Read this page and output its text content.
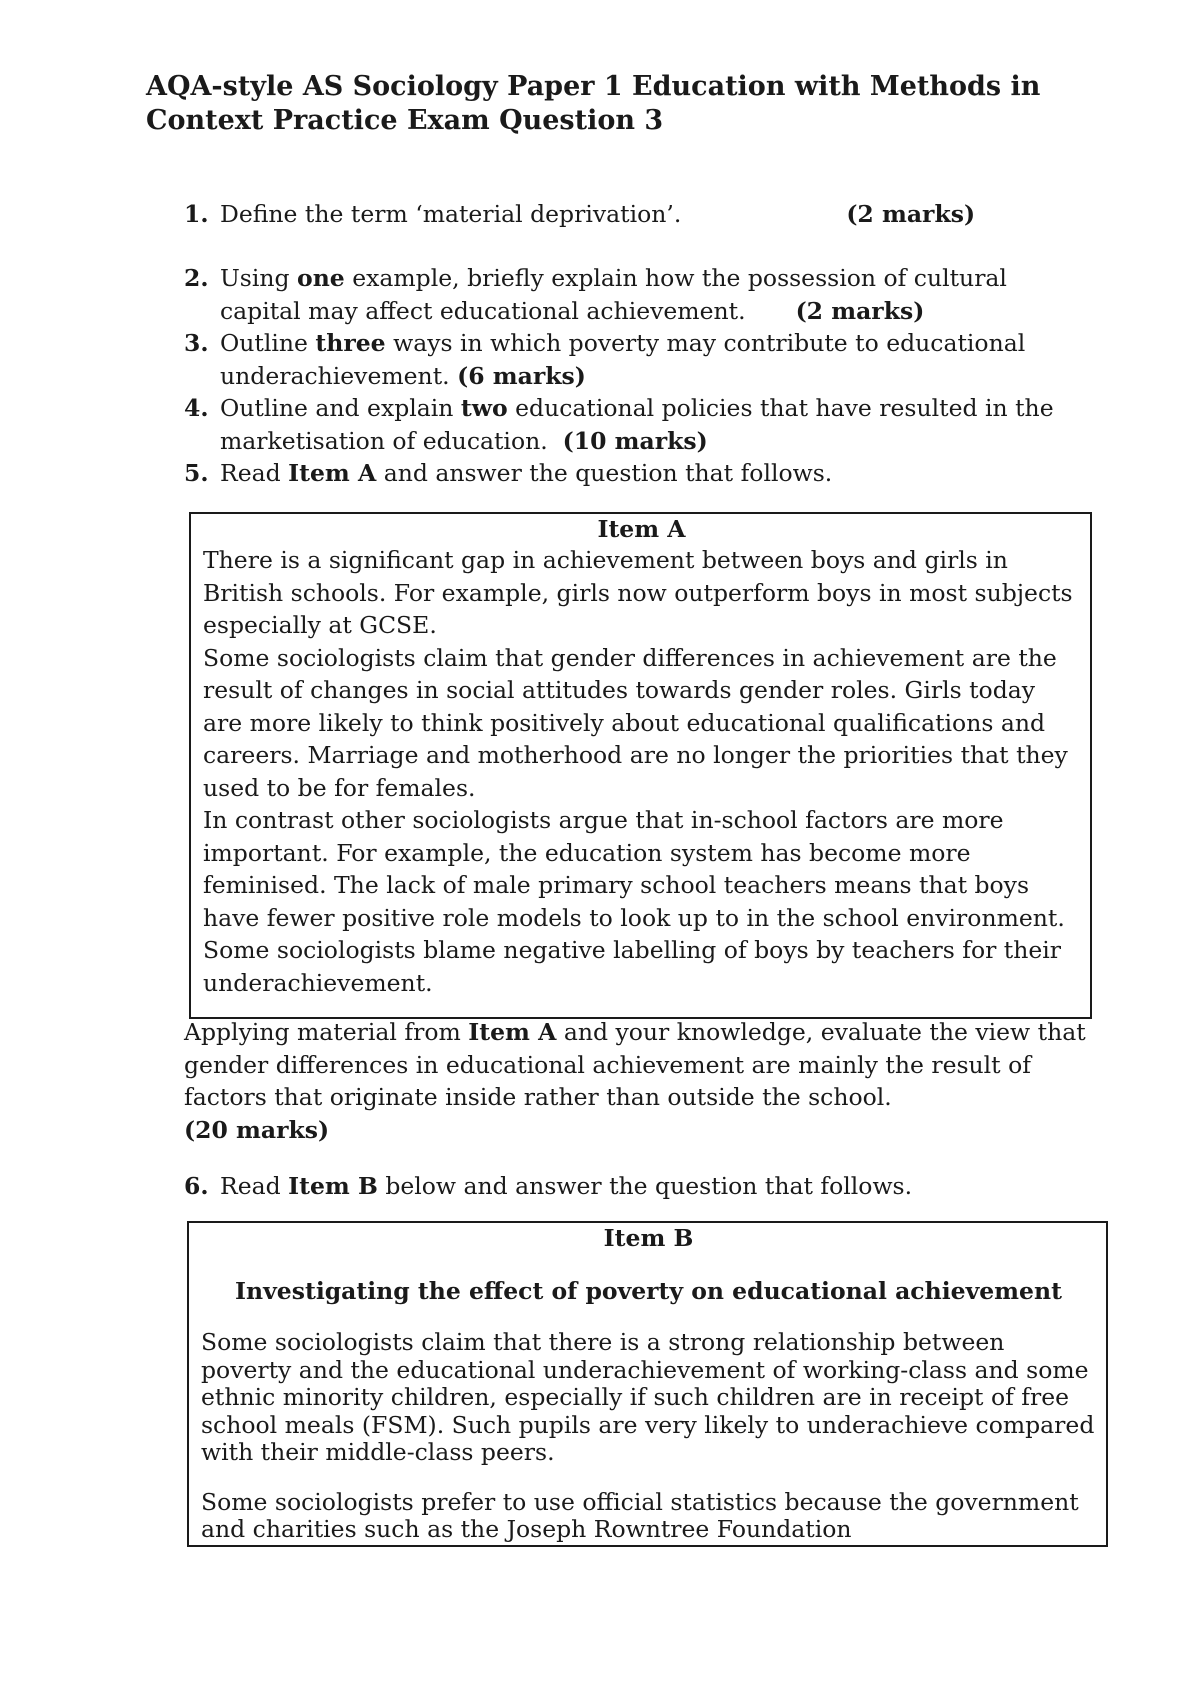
AQA-style AS Sociology Paper 1 Education with Methods in Context Practice Exam Question 3
1. Define the term ‘material deprivation’.	(2 marks)
2. Using one example, briefly explain how the possession of cultural capital may affect educational achievement. (2 marks)
3. Outline three ways in which poverty may contribute to educational underachievement. (6 marks)
4. Outline and explain two educational policies that have resulted in the marketisation of education. (10 marks)
5. Read Item A and answer the question that follows.
Item A
There is a significant gap in achievement between boys and girls in British schools. For example, girls now outperform boys in most subjects especially at GCSE.
Some sociologists claim that gender differences in achievement are the result of changes in social attitudes towards gender roles. Girls today are more likely to think positively about educational qualifications and careers. Marriage and motherhood are no longer the priorities that they used to be for females.
In contrast other sociologists argue that in-school factors are more important. For example, the education system has become more feminised. The lack of male primary school teachers means that boys have fewer positive role models to look up to in the school environment. Some sociologists blame negative labelling of boys by teachers for their underachievement.
Applying material from Item A and your knowledge, evaluate the view that gender differences in educational achievement are mainly the result of factors that originate inside rather than outside the school.
(20 marks)
6. Read Item B below and answer the question that follows.
Item B
Investigating the effect of poverty on educational achievement
Some sociologists claim that there is a strong relationship between poverty and the educational underachievement of working-class and some ethnic minority children, especially if such children are in receipt of free school meals (FSM). Such pupils are very likely to underachieve compared with their middle-class peers.
Some sociologists prefer to use official statistics because the government and charities such as the Joseph Rowntree Foundation
